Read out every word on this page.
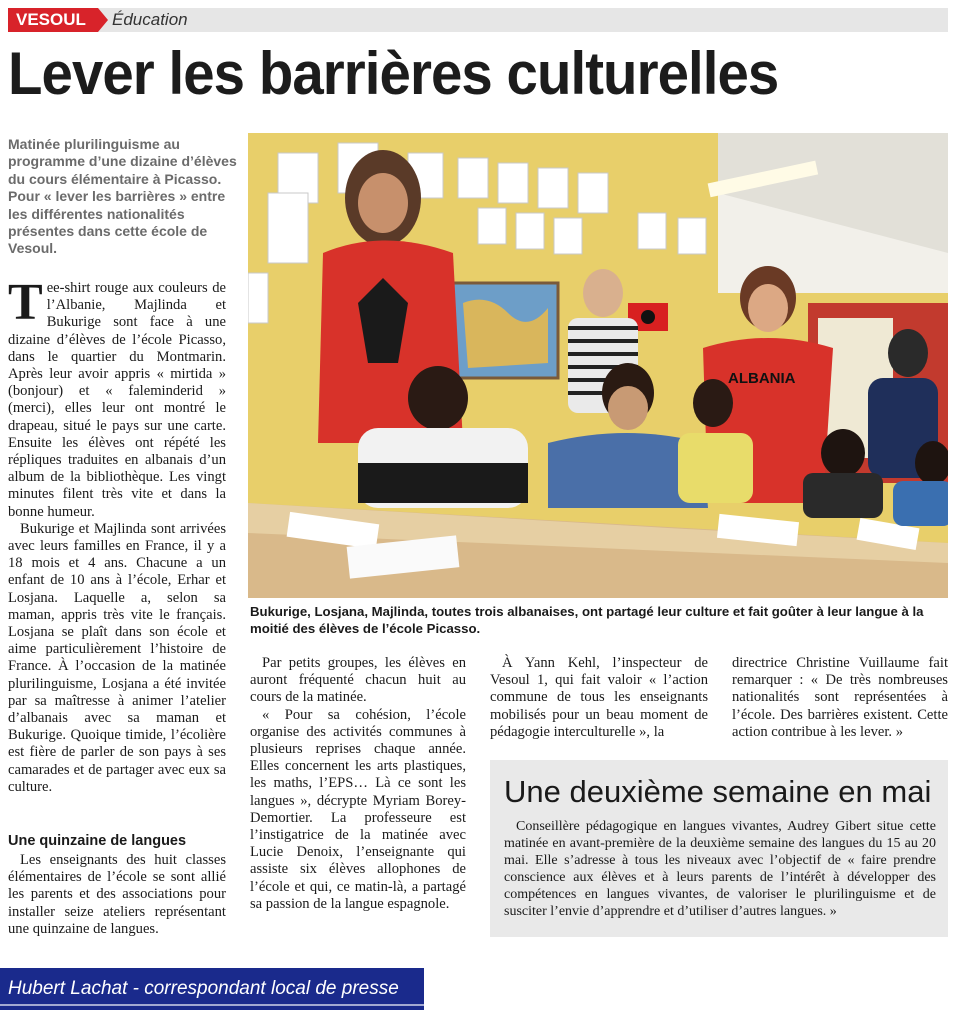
VESOUL	Éducation
Lever les barrières culturelles

Matinée plurilinguisme au programme d’une dizaine d’élèves du cours élémentaire à Picasso. Pour « lever les barrières » entre les différentes nationalités présentes dans cette école de Vesoul.

Tee-shirt rouge aux couleurs de l’Albanie, Majlinda et Bukurige sont face à une dizaine d’élèves de l’école Picasso, dans le quartier du Montmarin. Après leur avoir appris « mirtida » (bonjour) et « faleminderid » (merci), elles leur ont montré le drapeau, situé le pays sur une carte. Ensuite les élèves ont répété les répliques traduites en albanais d’un album de la bibliothèque. Les vingt minutes filent très vite et dans la bonne humeur.

Bukurige et Majlinda sont arrivées avec leurs familles en France, il y a 18 mois et 4 ans. Chacune a un enfant de 10 ans à l’école, Erhar et Losjana. Laquelle a, selon sa maman, appris très vite le français. Losjana se plaît dans son école et aime particulièrement l’histoire de France. À l’occasion de la matinée plurilinguisme, Losjana a été invitée par sa maîtresse à animer l’atelier d’albanais avec sa maman et Bukurige. Quoique timide, l’écolière est fière de parler de son pays à ses camarades et de partager avec eux sa culture.

Une quinzaine de langues

Les enseignants des huit classes élémentaires de l’école se sont allié les parents et des associations pour installer seize ateliers représentant une quinzaine de langues.

ALBANIA

Bukurige, Losjana, Majlinda, toutes trois albanaises, ont partagé leur culture et fait goûter à leur langue à la moitié des élèves de l’école Picasso.

Par petits groupes, les élèves en auront fréquenté chacun huit au cours de la matinée.

« Pour sa cohésion, l’école organise des activités communes à plusieurs reprises chaque année. Elles concernent les arts plastiques, les maths, l’EPS… Là ce sont les langues », décrypte Myriam Borey-Demortier. La professeure est l’instigatrice de la matinée avec Lucie Denoix, l’enseignante qui assiste six élèves allophones de l’école et qui, ce matin-là, a partagé sa passion de la langue espagnole.

À Yann Kehl, l’inspecteur de Vesoul 1, qui fait valoir « l’action commune de tous les enseignants mobilisés pour un beau moment de pédagogie interculturelle », la

directrice Christine Vuillaume fait remarquer : « De très nombreuses nationalités sont représentées à l’école. Des barrières existent. Cette action contribue à les lever. »

Une deuxième semaine en mai

Conseillère pédagogique en langues vivantes, Audrey Gibert situe cette matinée en avant-première de la deuxième semaine des langues du 15 au 20 mai. Elle s’adresse à tous les niveaux avec l’objectif de « faire prendre conscience aux élèves et à leurs parents de l’intérêt à développer des compétences en langues vivantes, de valoriser le plurilinguisme et de susciter l’envie d’apprendre et d’utiliser d’autres langues. »

Hubert Lachat - correspondant local de presse
